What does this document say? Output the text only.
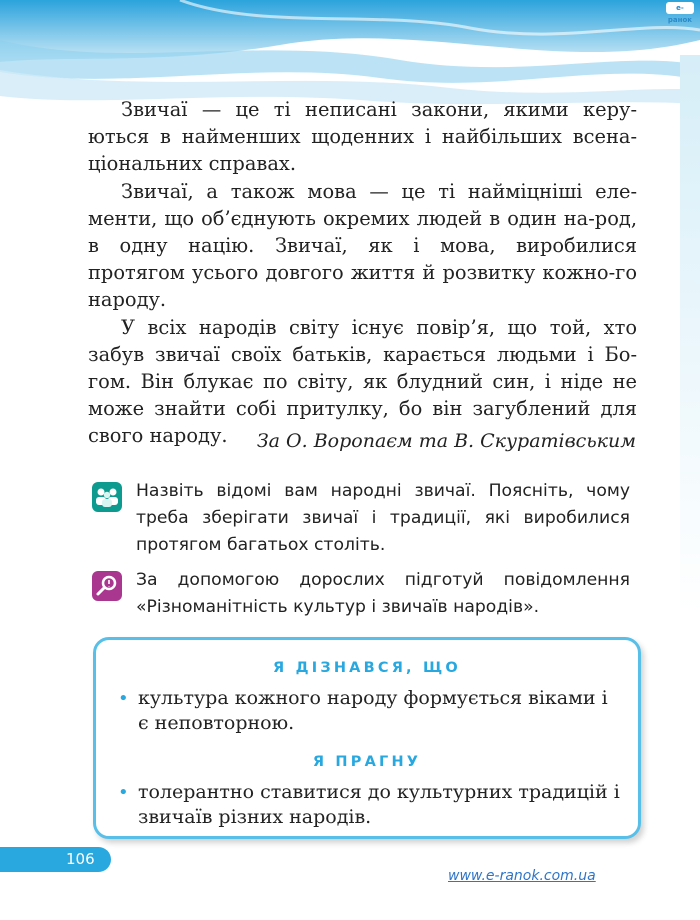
е-ранок

Звичаї — це ті неписані закони, якими керу-ються в найменших щоденних і найбільших всена-ціональних справах.

Звичаї, а також мова — це ті найміцніші еле-менти, що об’єднують окремих людей в один на-род, в одну націю. Звичаї, як і мова, виробилися протягом усього довгого життя й розвитку кожно-го народу.

У всіх народів світу існує повір’я, що той, хто забув звичаї своїх батьків, карається людьми і Бо-гом. Він блукає по світу, як блудний син, і ніде не може знайти собі притулку, бо він загублений для свого народу.	За О. Воропаєм та В. Скуратівським
Назвіть відомі вам народні звичаї. Поясніть, чому треба зберігати звичаї і традиції, які виробилися протягом багатьох століть.
За допомогою дорослих підготуй повідомлення «Різноманітність культур і звичаїв народів».
Я ДІЗНАВСЯ, ЩО
• культура кожного народу формується віками і є неповторною.
Я ПРАГНУ
• толерантно ставитися до культурних традицій і звичаїв різних народів.
106
www.e-ranok.com.ua
